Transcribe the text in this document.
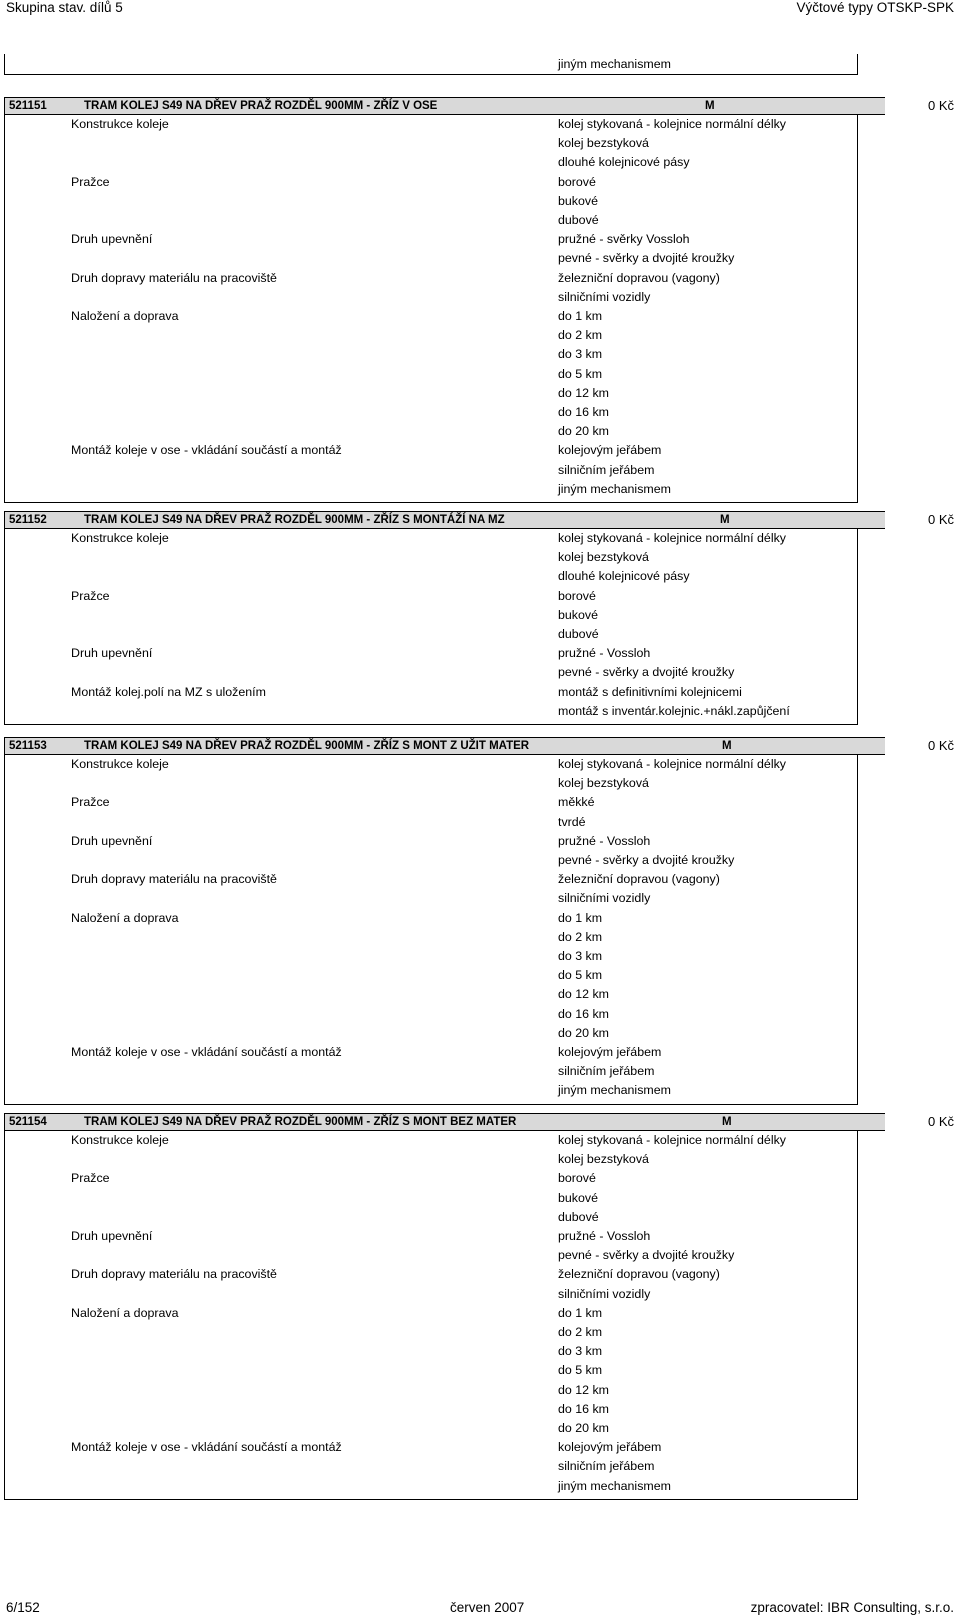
Skupina stav. dílů 5	Výčtové typy OTSKP-SPK
jiným mechanismem
521151	TRAM KOLEJ S49 NA DŘEV PRAŽ ROZDĚL 900MM - ZŘÍZ V OSE	M	0 Kč
Konstrukce koleje	kolej stykovaná - kolejnice normální délky
kolej bezstyková
dlouhé kolejnicové pásy
Pražce	borové
bukové
dubové
Druh upevnění	pružné - svěrky Vossloh
pevné - svěrky a dvojité kroužky
Druh dopravy materiálu na pracoviště	železniční dopravou (vagony)
silničními vozidly
Naložení a doprava	do 1 km
do 2 km
do 3 km
do 5 km
do 12 km
do 16 km
do 20 km
Montáž koleje v ose - vkládání součástí a montáž	kolejovým jeřábem
silničním jeřábem
jiným mechanismem
521152	TRAM KOLEJ S49 NA DŘEV PRAŽ ROZDĚL 900MM - ZŘÍZ S MONTÁŽÍ NA MZ	M	0 Kč
Konstrukce koleje	kolej stykovaná - kolejnice normální délky
kolej bezstyková
dlouhé kolejnicové pásy
Pražce	borové
bukové
dubové
Druh upevnění	pružné - Vossloh
pevné - svěrky a dvojité kroužky
Montáž kolej.polí na MZ s uložením	montáž s definitivními kolejnicemi
montáž s inventár.kolejnic.+nákl.zapůjčení
521153	TRAM KOLEJ S49 NA DŘEV PRAŽ ROZDĚL 900MM - ZŘÍZ S MONT Z UŽIT MATER	M	0 Kč
Konstrukce koleje	kolej stykovaná - kolejnice normální délky
kolej bezstyková
Pražce	měkké
tvrdé
Druh upevnění	pružné - Vossloh
pevné - svěrky a dvojité kroužky
Druh dopravy materiálu na pracoviště	železniční dopravou (vagony)
silničními vozidly
Naložení a doprava	do 1 km
do 2 km
do 3 km
do 5 km
do 12 km
do 16 km
do 20 km
Montáž koleje v ose - vkládání součástí a montáž	kolejovým jeřábem
silničním jeřábem
jiným mechanismem
521154	TRAM KOLEJ S49 NA DŘEV PRAŽ ROZDĚL 900MM - ZŘÍZ S MONT BEZ MATER	M	0 Kč
Konstrukce koleje	kolej stykovaná - kolejnice normální délky
kolej bezstyková
Pražce	borové
bukové
dubové
Druh upevnění	pružné - Vossloh
pevné - svěrky a dvojité kroužky
Druh dopravy materiálu na pracoviště	železniční dopravou (vagony)
silničními vozidly
Naložení a doprava	do 1 km
do 2 km
do 3 km
do 5 km
do 12 km
do 16 km
do 20 km
Montáž koleje v ose - vkládání součástí a montáž	kolejovým jeřábem
silničním jeřábem
jiným mechanismem
6/152	červen 2007	zpracovatel: IBR Consulting, s.r.o.
